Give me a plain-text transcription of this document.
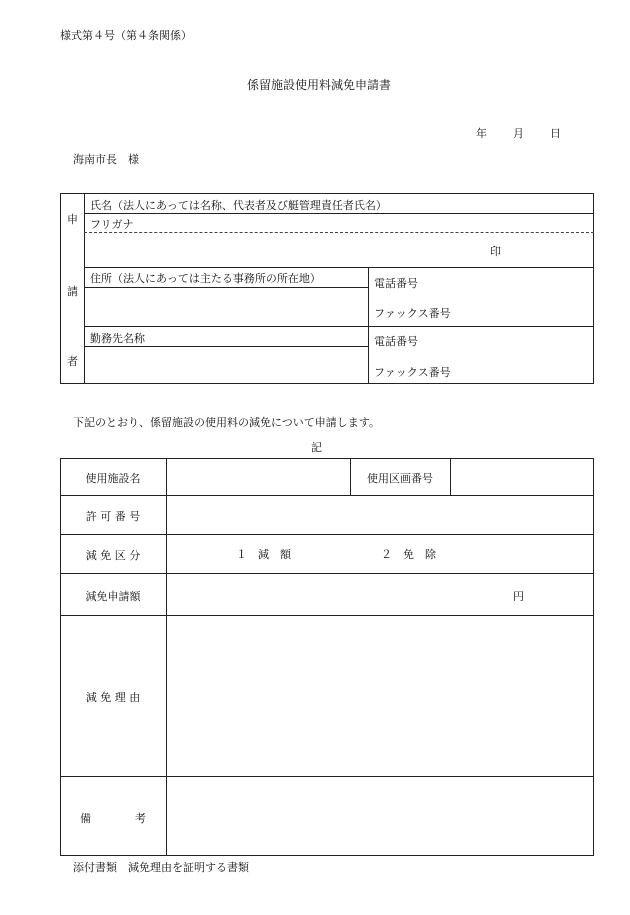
様式第４号（第４条関係）
係留施設使用料減免申請書
年 月 日
海南市長　様
申
請
者
氏名（法人にあっては名称、代表者及び艇管理責任者氏名）
フリガナ
印
住所（法人にあっては主たる事務所の所在地）	電話番号
ファックス番号
勤務先名称	電話番号
ファックス番号
下記のとおり、係留施設の使用料の減免について申請します。
記
使用施設名	使用区画番号
許 可 番 号
減 免 区 分	１　減　額	２　免　除
減免申請額	円
減 免 理 由
備　　　　考
添付書類　減免理由を証明する書類
